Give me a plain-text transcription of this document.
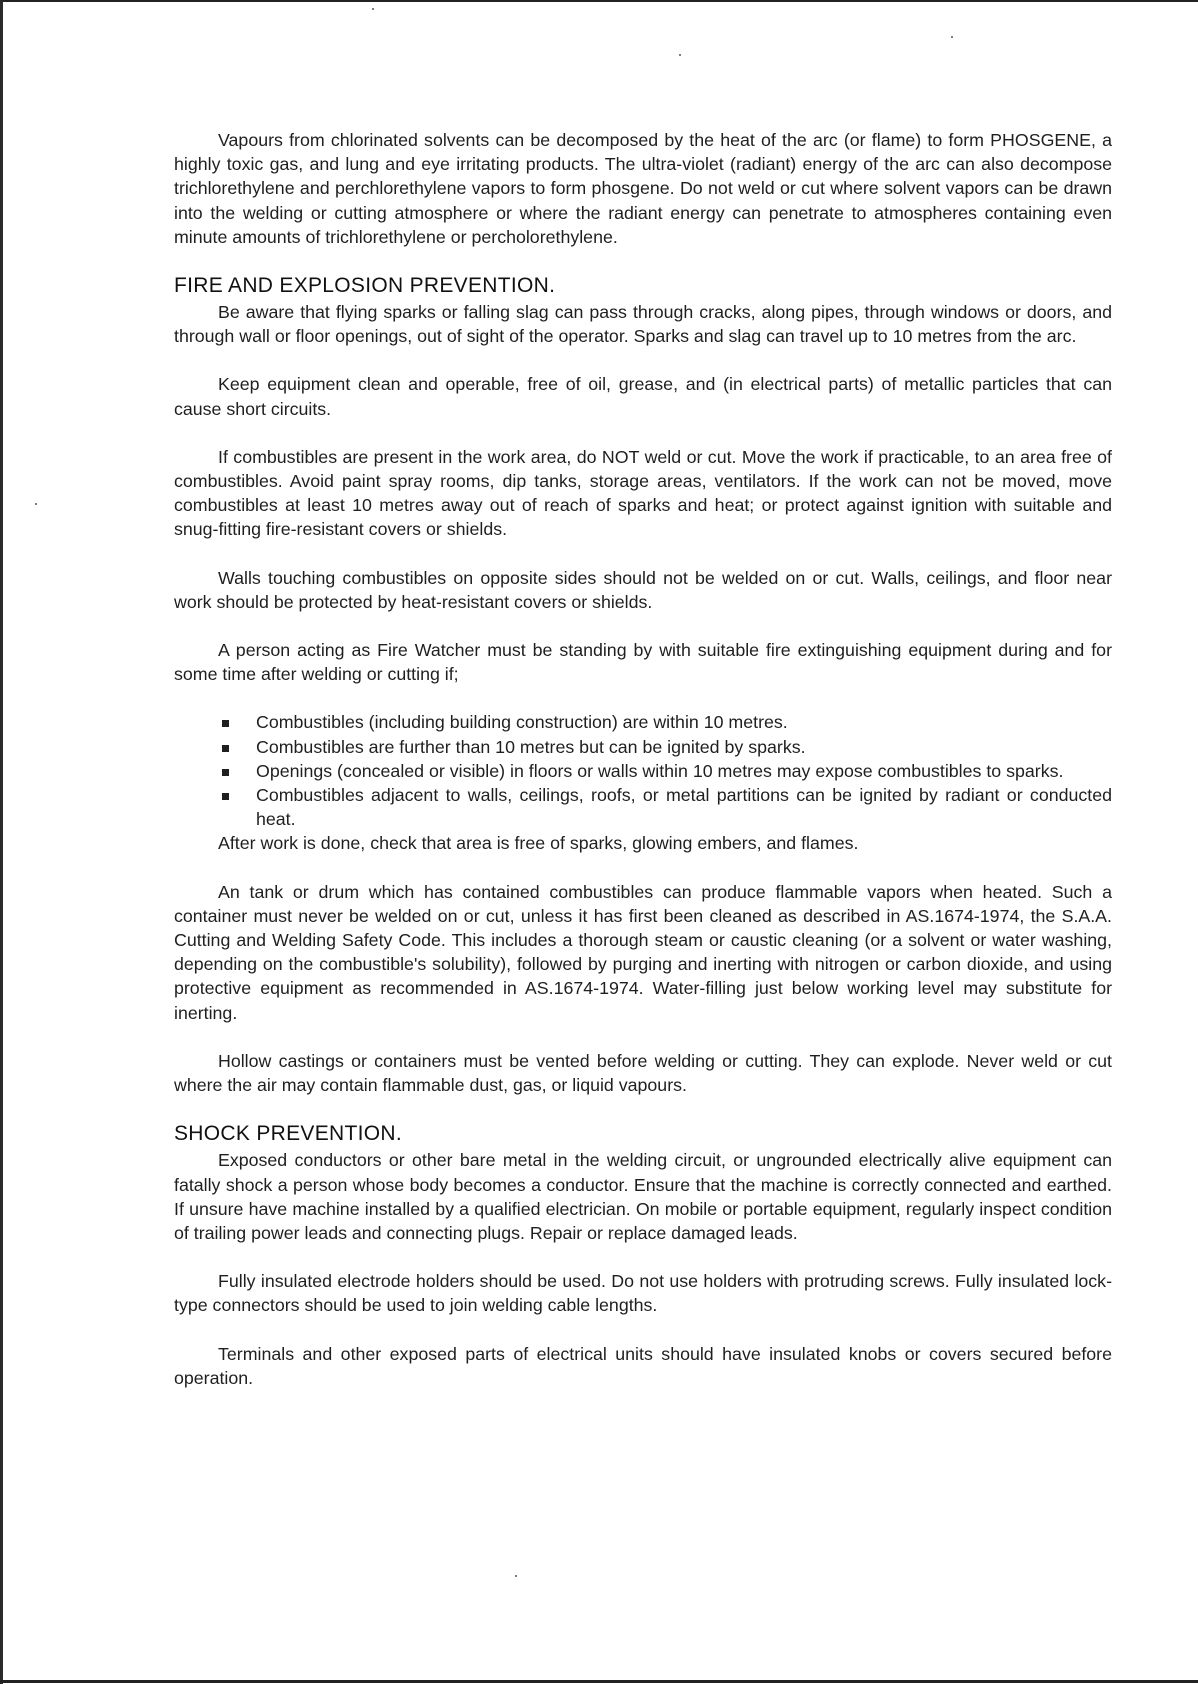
Vapours from chlorinated solvents can be decomposed by the heat of the arc (or flame) to form PHOSGENE, a highly toxic gas, and lung and eye irritating products. The ultra-violet (radiant) energy of the arc can also decompose trichlorethylene and perchlorethylene vapors to form phosgene. Do not weld or cut where solvent vapors can be drawn into the welding or cutting atmosphere or where the radiant energy can penetrate to atmospheres containing even minute amounts of trichlorethylene or percholorethylene.

FIRE AND EXPLOSION PREVENTION.

Be aware that flying sparks or falling slag can pass through cracks, along pipes, through windows or doors, and through wall or floor openings, out of sight of the operator. Sparks and slag can travel up to 10 metres from the arc.

Keep equipment clean and operable, free of oil, grease, and (in electrical parts) of metallic particles that can cause short circuits.

If combustibles are present in the work area, do NOT weld or cut. Move the work if practicable, to an area free of combustibles. Avoid paint spray rooms, dip tanks, storage areas, ventilators. If the work can not be moved, move combustibles at least 10 metres away out of reach of sparks and heat; or protect against ignition with suitable and snug-fitting fire-resistant covers or shields.

Walls touching combustibles on opposite sides should not be welded on or cut. Walls, ceilings, and floor near work should be protected by heat-resistant covers or shields.

A person acting as Fire Watcher must be standing by with suitable fire extinguishing equipment during and for some time after welding or cutting if;

Combustibles (including building construction) are within 10 metres.
Combustibles are further than 10 metres but can be ignited by sparks.
Openings (concealed or visible) in floors or walls within 10 metres may expose combustibles to sparks.
Combustibles adjacent to walls, ceilings, roofs, or metal partitions can be ignited by radiant or conducted heat.
After work is done, check that area is free of sparks, glowing embers, and flames.

An tank or drum which has contained combustibles can produce flammable vapors when heated. Such a container must never be welded on or cut, unless it has first been cleaned as described in AS.1674-1974, the S.A.A. Cutting and Welding Safety Code. This includes a thorough steam or caustic cleaning (or a solvent or water washing, depending on the combustible's solubility), followed by purging and inerting with nitrogen or carbon dioxide, and using protective equipment as recommended in AS.1674-1974. Water-filling just below working level may substitute for inerting.

Hollow castings or containers must be vented before welding or cutting. They can explode. Never weld or cut where the air may contain flammable dust, gas, or liquid vapours.

SHOCK PREVENTION.

Exposed conductors or other bare metal in the welding circuit, or ungrounded electrically alive equipment can fatally shock a person whose body becomes a conductor. Ensure that the machine is correctly connected and earthed. If unsure have machine installed by a qualified electrician. On mobile or portable equipment, regularly inspect condition of trailing power leads and connecting plugs. Repair or replace damaged leads.

Fully insulated electrode holders should be used. Do not use holders with protruding screws. Fully insulated lock-type connectors should be used to join welding cable lengths.

Terminals and other exposed parts of electrical units should have insulated knobs or covers secured before operation.
